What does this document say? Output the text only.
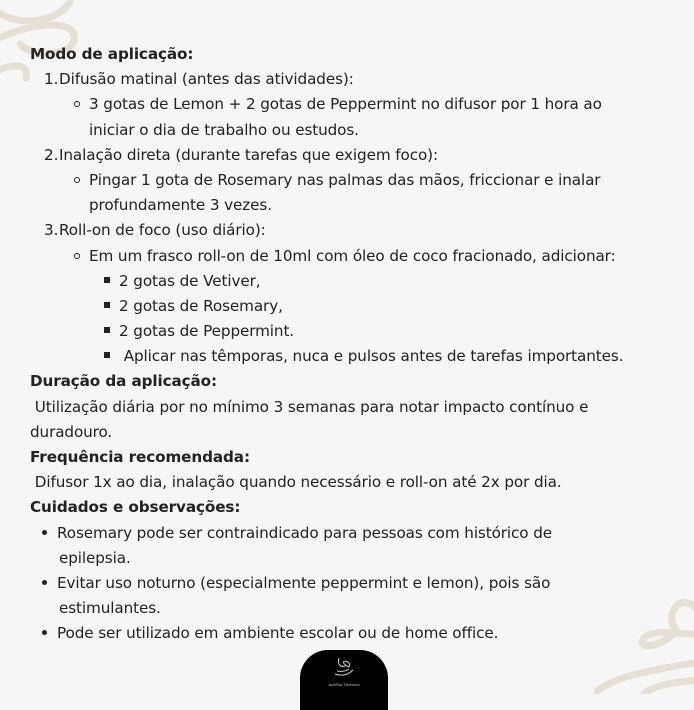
Modo de aplicação:
1.Difusão matinal (antes das atividades):
3 gotas de Lemon + 2 gotas de Peppermint no difusor por 1 hora ao
iniciar o dia de trabalho ou estudos.
2.Inalação direta (durante tarefas que exigem foco):
Pingar 1 gota de Rosemary nas palmas das mãos, friccionar e inalar
profundamente 3 vezes.
3.Roll-on de foco (uso diário):
Em um frasco roll-on de 10ml com óleo de coco fracionado, adicionar:
2 gotas de Vetiver,
2 gotas de Rosemary,
2 gotas de Peppermint.
Aplicar nas têmporas, nuca e pulsos antes de tarefas importantes.
Duração da aplicação:
Utilização diária por no mínimo 3 semanas para notar impacto contínuo e
duradouro.
Frequência recomendada:
Difusor 1x ao dia, inalação quando necessário e roll-on até 2x por dia.
Cuidados e observações:
Rosemary pode ser contraindicado para pessoas com histórico de
epilepsia.
Evitar uso noturno (especialmente peppermint e lemon), pois são
estimulantes.
Pode ser utilizado em ambiente escolar ou de home office.
Amélia Teixeira
